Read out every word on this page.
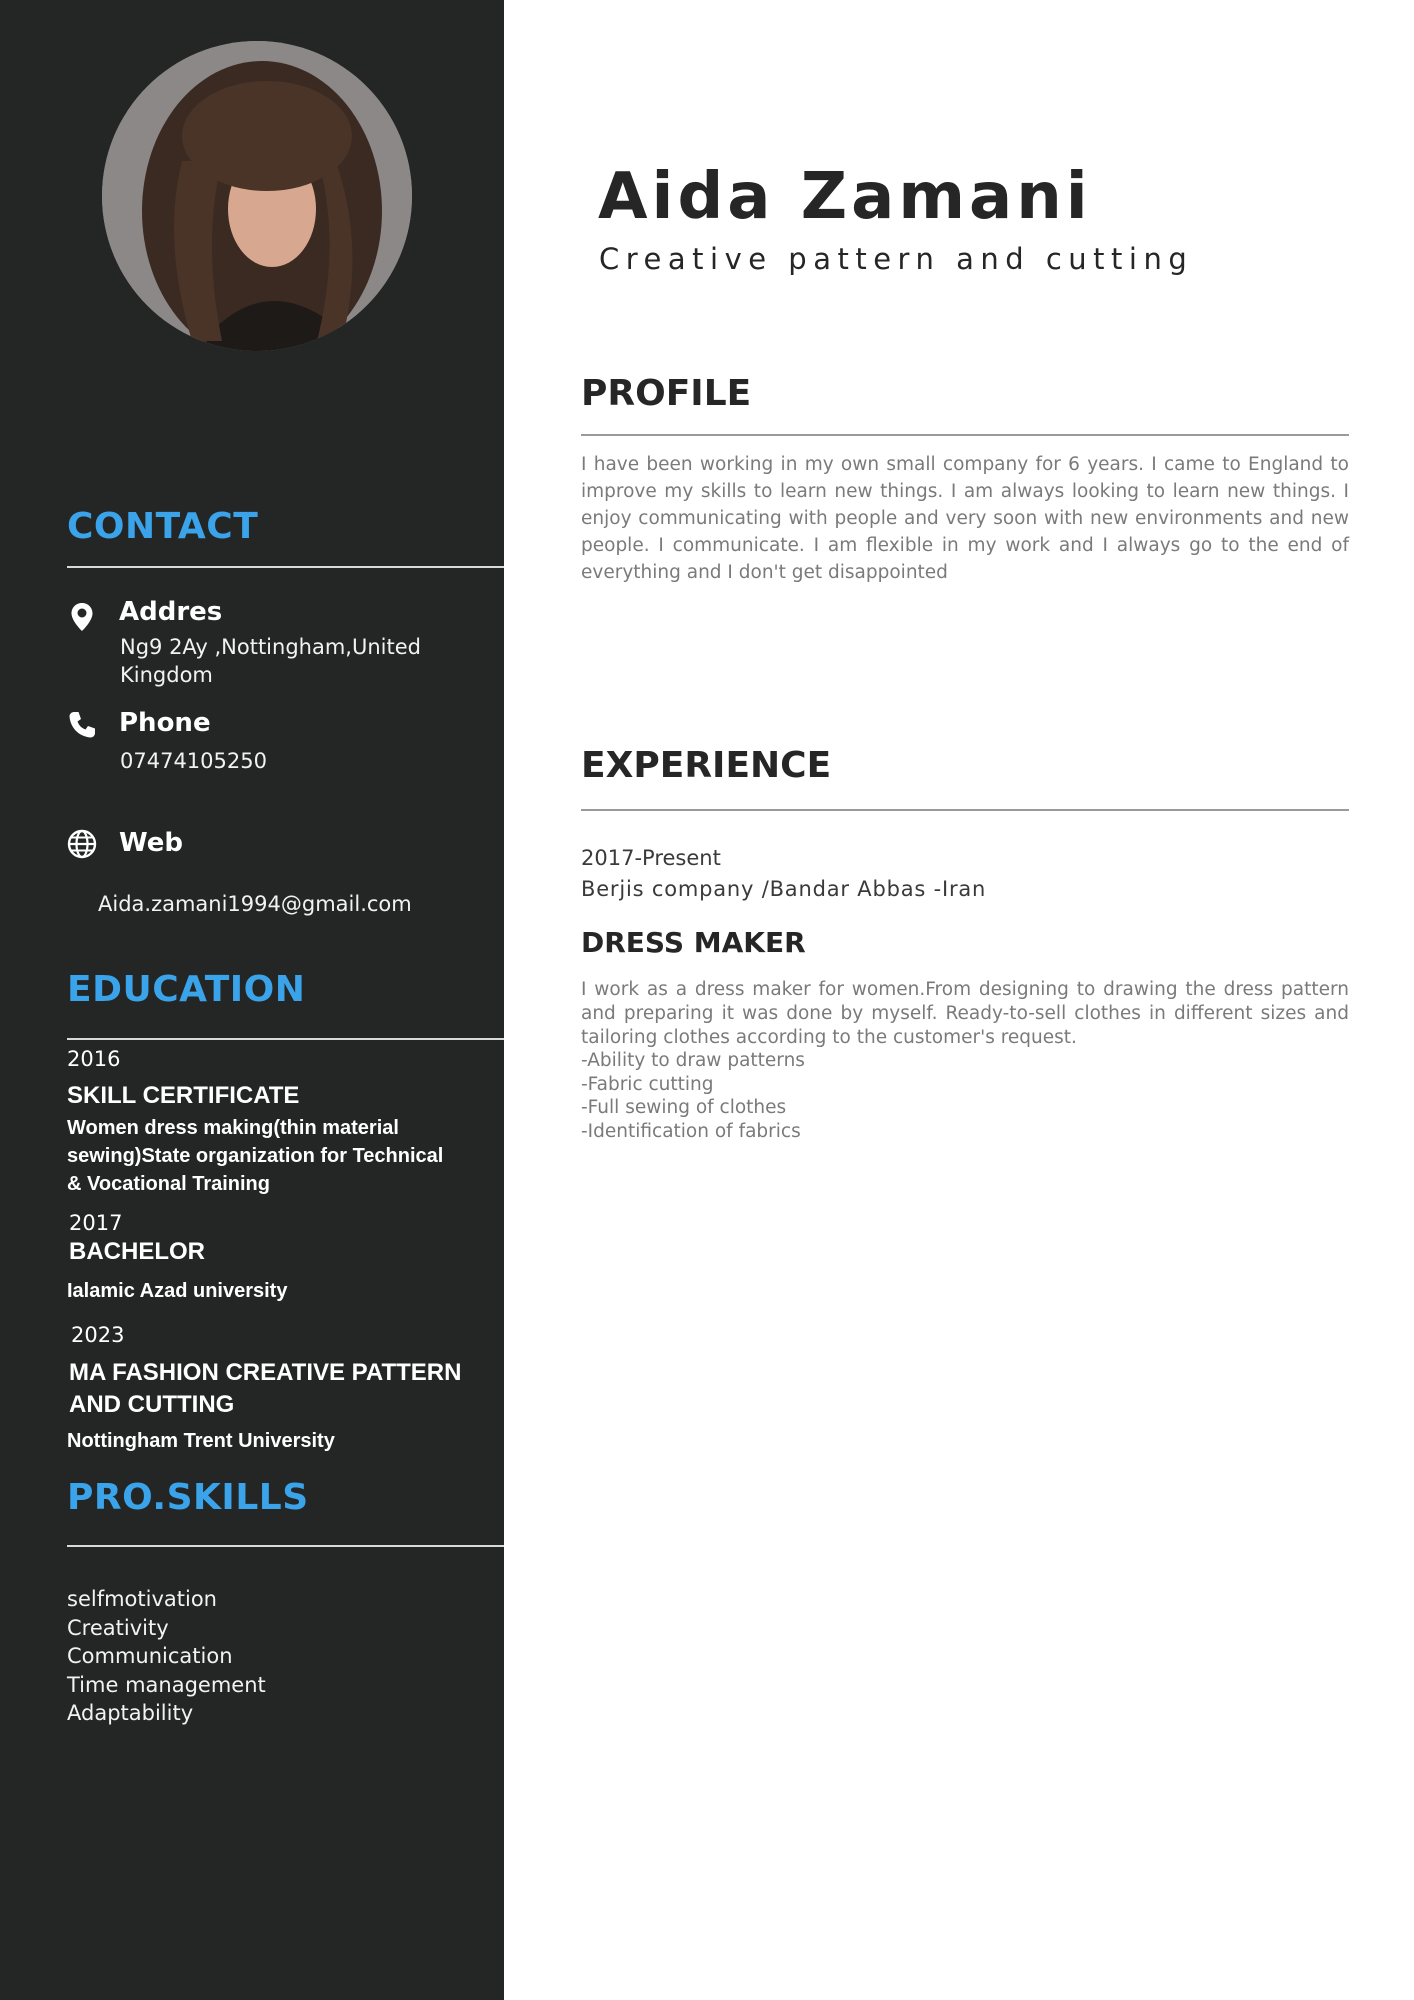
CONTACT
Addres
Ng9 2Ay ,Nottingham,United
Kingdom
Phone
07474105250
Web
Aida.zamani1994@gmail.com
EDUCATION
2016
SKILL CERTIFICATE
Women dress making(thin material sewing)State organization for Technical & Vocational Training
2017
BACHELOR
Ialamic Azad university
2023
MA FASHION CREATIVE PATTERN AND CUTTING
Nottingham Trent University
PRO.SKILLS
selfmotivation
Creativity
Communication
Time management
Adaptability
Aida Zamani
Creative pattern and cutting
PROFILE

I have been working in my own small company for 6 years. I came to England to improve my skills to learn new things. I am always looking to learn new things. I enjoy communicating with people and very soon with new environments and new people. I communicate. I am flexible in my work and I always go to the end of everything and I don't get disappointed

EXPERIENCE
2017-Present
Berjis company /Bandar Abbas -Iran
DRESS MAKER

I work as a dress maker for women.From designing to drawing the dress pattern and preparing it was done by myself. Ready-to-sell clothes in different sizes and tailoring clothes according to the customer's request.

-Ability to draw patterns
-Fabric cutting
-Full sewing of clothes
-Identification of fabrics
